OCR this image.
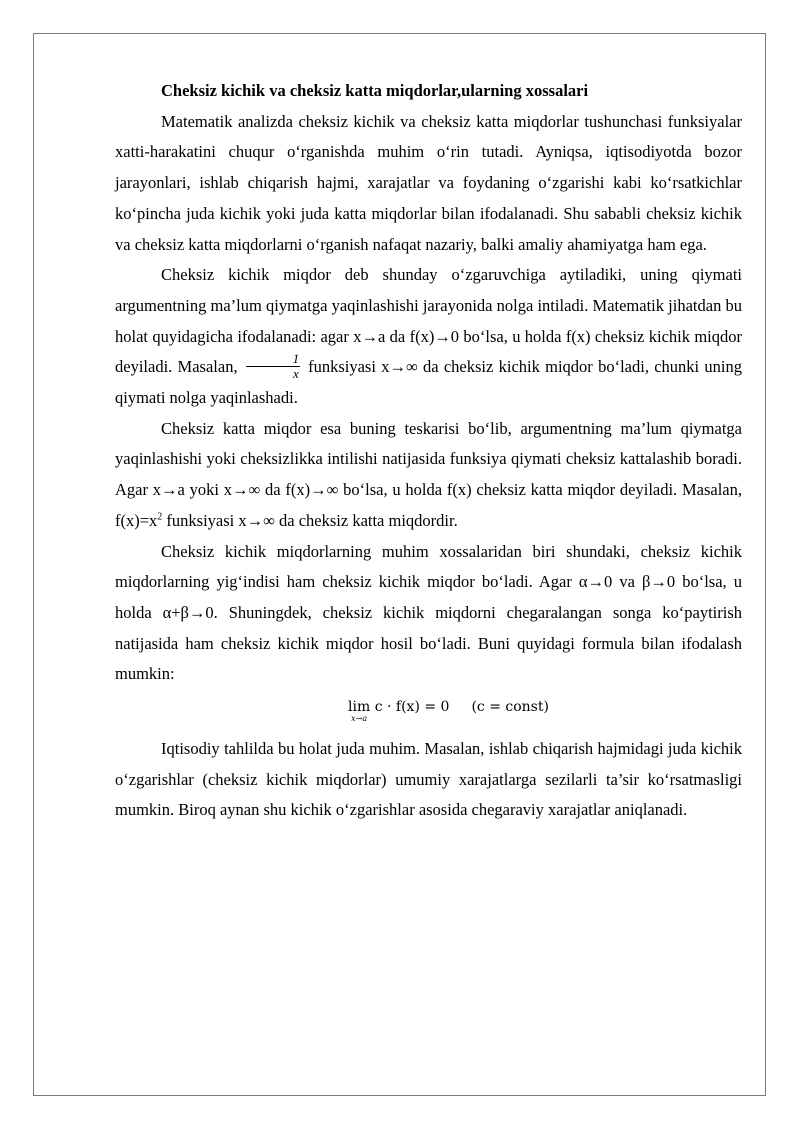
Cheksiz kichik va cheksiz katta miqdorlar,ularning xossalari

Matematik analizda cheksiz kichik va cheksiz katta miqdorlar tushunchasi funksiyalar xatti-harakatini chuqur o‘rganishda muhim o‘rin tutadi. Ayniqsa, iqtisodiyotda bozor jarayonlari, ishlab chiqarish hajmi, xarajatlar va foydaning o‘zgarishi kabi ko‘rsatkichlar ko‘pincha juda kichik yoki juda katta miqdorlar bilan ifodalanadi. Shu sababli cheksiz kichik va cheksiz katta miqdorlarni o‘rganish nafaqat nazariy, balki amaliy ahamiyatga ham ega.

Cheksiz kichik miqdor deb shunday o‘zgaruvchiga aytiladiki, uning qiymati argumentning ma’lum qiymatga yaqinlashishi jarayonida nolga intiladi. Matematik jihatdan bu holat quyidagicha ifodalanadi: agar x→a da f(x)→0 bo‘lsa, u holda f(x) cheksiz kichik miqdor deyiladi. Masalan, $\frac{1}{x}$ funksiyasi x→∞ da cheksiz kichik miqdor bo‘ladi, chunki uning qiymati nolga yaqinlashadi.

Cheksiz katta miqdor esa buning teskarisi bo‘lib, argumentning ma’lum qiymatga yaqinlashishi yoki cheksizlikka intilishi natijasida funksiya qiymati cheksiz kattalashib boradi. Agar x→a yoki x→∞ da f(x)→∞ bo‘lsa, u holda f(x) cheksiz katta miqdor deyiladi. Masalan, $f(x)=x^2$ funksiyasi x→∞ da cheksiz katta miqdordir.

Cheksiz kichik miqdorlarning muhim xossalaridan biri shundaki, cheksiz kichik miqdorlarning yig‘indisi ham cheksiz kichik miqdor bo‘ladi. Agar α→0 va β→0 bo‘lsa, u holda α+β→0. Shuningdek, cheksiz kichik miqdorni chegaralangan songa ko‘paytirish natijasida ham cheksiz kichik miqdor hosil bo‘ladi. Buni quyidagi formula bilan ifodalash mumkin:

lim
x→a
c · f(x) = 0 (c = const)

Iqtisodiy tahlilda bu holat juda muhim. Masalan, ishlab chiqarish hajmidagi juda kichik o‘zgarishlar (cheksiz kichik miqdorlar) umumiy xarajatlarga sezilarli ta’sir ko‘rsatmasligi mumkin. Biroq aynan shu kichik o‘zgarishlar asosida chegaraviy xarajatlar aniqlanadi.
